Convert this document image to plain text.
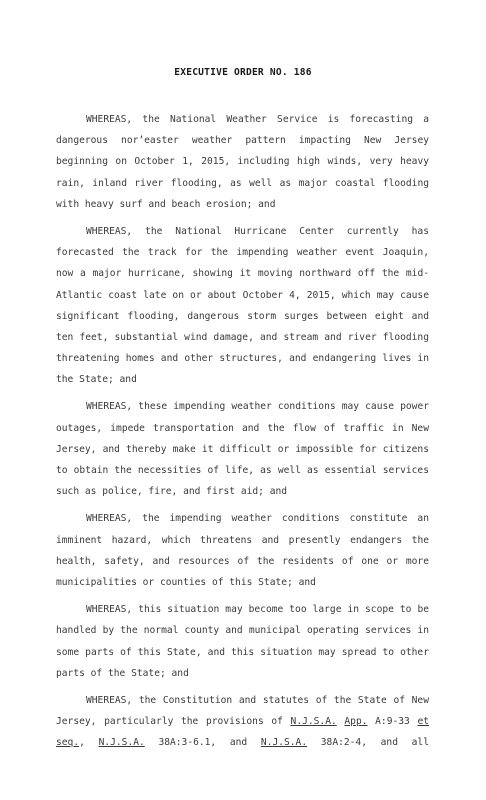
EXECUTIVE ORDER NO. 186
WHEREAS, the National Weather Service is forecasting a
dangerous nor’easter weather pattern impacting New Jersey
beginning on October 1, 2015, including high winds, very heavy
rain, inland river flooding, as well as major coastal flooding
with heavy surf and beach erosion; and
WHEREAS, the National Hurricane Center currently has
forecasted the track for the impending weather event Joaquin,
now a major hurricane, showing it moving northward off the mid-
Atlantic coast late on or about October 4, 2015, which may cause
significant flooding, dangerous storm surges between eight and
ten feet, substantial wind damage, and stream and river flooding
threatening homes and other structures, and endangering lives in
the State; and
WHEREAS, these impending weather conditions may cause power
outages, impede transportation and the flow of traffic in New
Jersey, and thereby make it difficult or impossible for citizens
to obtain the necessities of life, as well as essential services
such as police, fire, and first aid; and
WHEREAS, the impending weather conditions constitute an
imminent hazard, which threatens and presently endangers the
health, safety, and resources of the residents of one or more
municipalities or counties of this State; and
WHEREAS, this situation may become too large in scope to be
handled by the normal county and municipal operating services in
some parts of this State, and this situation may spread to other
parts of the State; and
WHEREAS, the Constitution and statutes of the State of New
Jersey, particularly the provisions of N.J.S.A. App. A:9-33 et
seq., N.J.S.A. 38A:3-6.1, and N.J.S.A. 38A:2-4, and all
